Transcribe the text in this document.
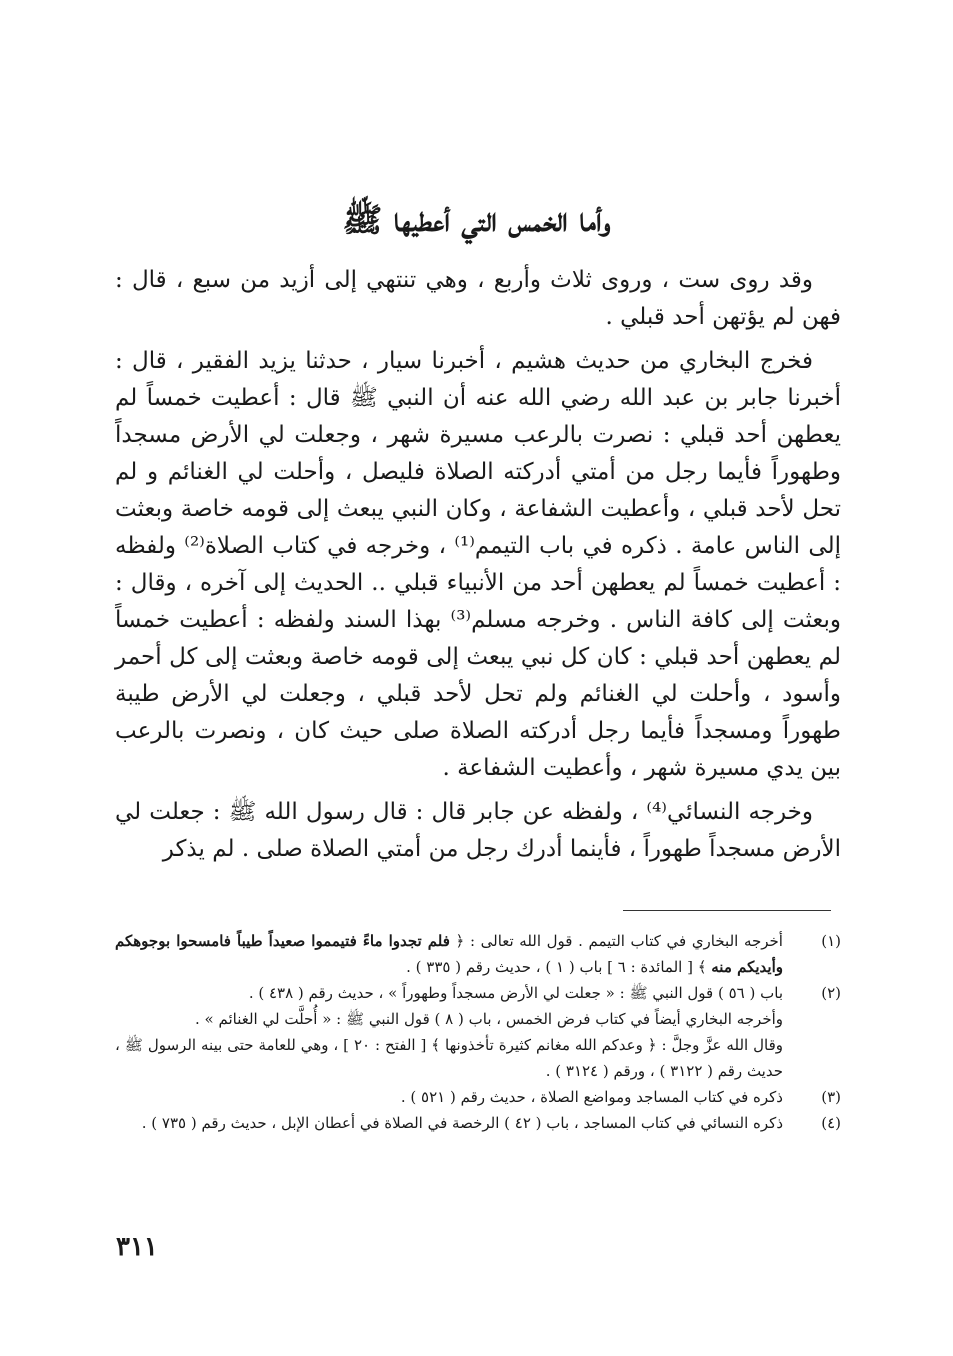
وأما الخمس التي أعطيها ﷺ

وقد روى ست ، وروى ثلاث وأربع ، وهي تنتهي إلى أزيد من سبع ، قال : فهن لم يؤتهن أحد قبلي .

فخرج البخاري من حديث هشيم ، أخبرنا سيار ، حدثنا يزيد الفقير ، قال : أخبرنا جابر بن عبد الله رضي الله عنه أن النبي ﷺ قال : أعطيت خمساً لم يعطهن أحد قبلي : نصرت بالرعب مسيرة شهر ، وجعلت لي الأرض مسجداً وطهوراً فأيما رجل من أمتي أدركته الصلاة فليصل ، وأحلت لي الغنائم و لم تحل لأحد قبلي ، وأعطيت الشفاعة ، وكان النبي يبعث إلى قومه خاصة وبعثت إلى الناس عامة . ذكره في باب التيمم⁽¹⁾ ، وخرجه في كتاب الصلاة⁽²⁾ ولفظه : أعطيت خمساً لم يعطهن أحد من الأنبياء قبلي .. الحديث إلى آخره ، وقال : وبعثت إلى كافة الناس . وخرجه مسلم⁽³⁾ بهذا السند ولفظه : أعطيت خمساً لم يعطهن أحد قبلي : كان كل نبي يبعث إلى قومه خاصة وبعثت إلى كل أحمر وأسود ، وأحلت لي الغنائم ولم تحل لأحد قبلي ، وجعلت لي الأرض طيبة طهوراً ومسجداً فأيما رجل أدركته الصلاة صلى حيث كان ، ونصرت بالرعب بين يدي مسيرة شهر ، وأعطيت الشفاعة .

وخرجه النسائي⁽⁴⁾ ، ولفظه عن جابر قال : قال رسول الله ﷺ : جعلت لي الأرض مسجداً طهوراً ، فأينما أدرك رجل من أمتي الصلاة صلى . لم يذكر

(١)
أخرجه البخاري في كتاب التيمم . قول الله تعالى : ﴿ فلم تجدوا ماءً فتيمموا صعيداً طيباً فامسحوا بوجوهكم وأيديكم منه ﴾ [ المائدة : ٦ ] باب ( ١ ) ، حديث رقم ( ٣٣٥ ) .
(٢)
باب ( ٥٦ ) قول النبي ﷺ : « جعلت لي الأرض مسجداً وطهوراً » ، حديث رقم ( ٤٣٨ ) .

وأخرجه البخاري أيضاً في كتاب فرض الخمس ، باب ( ٨ ) قول النبي ﷺ : « أُحلَّت لي الغنائم » .

وقال الله عزَّ وجلَّ : ﴿ وعدكم الله مغانم كثيرة تأخذونها ﴾ [ الفتح : ٢٠ ] ، وهي للعامة حتى بينه الرسول ﷺ ، حديث رقم ( ٣١٢٢ ) ، ورقم ( ٣١٢٤ ) .

(٣)
ذكره في كتاب المساجد ومواضع الصلاة ، حديث رقم ( ٥٢١ ) .
(٤)
ذكره النسائي في كتاب المساجد ، باب ( ٤٢ ) الرخصة في الصلاة في أعطان الإبل ، حديث رقم ( ٧٣٥ ) .

٣١١
